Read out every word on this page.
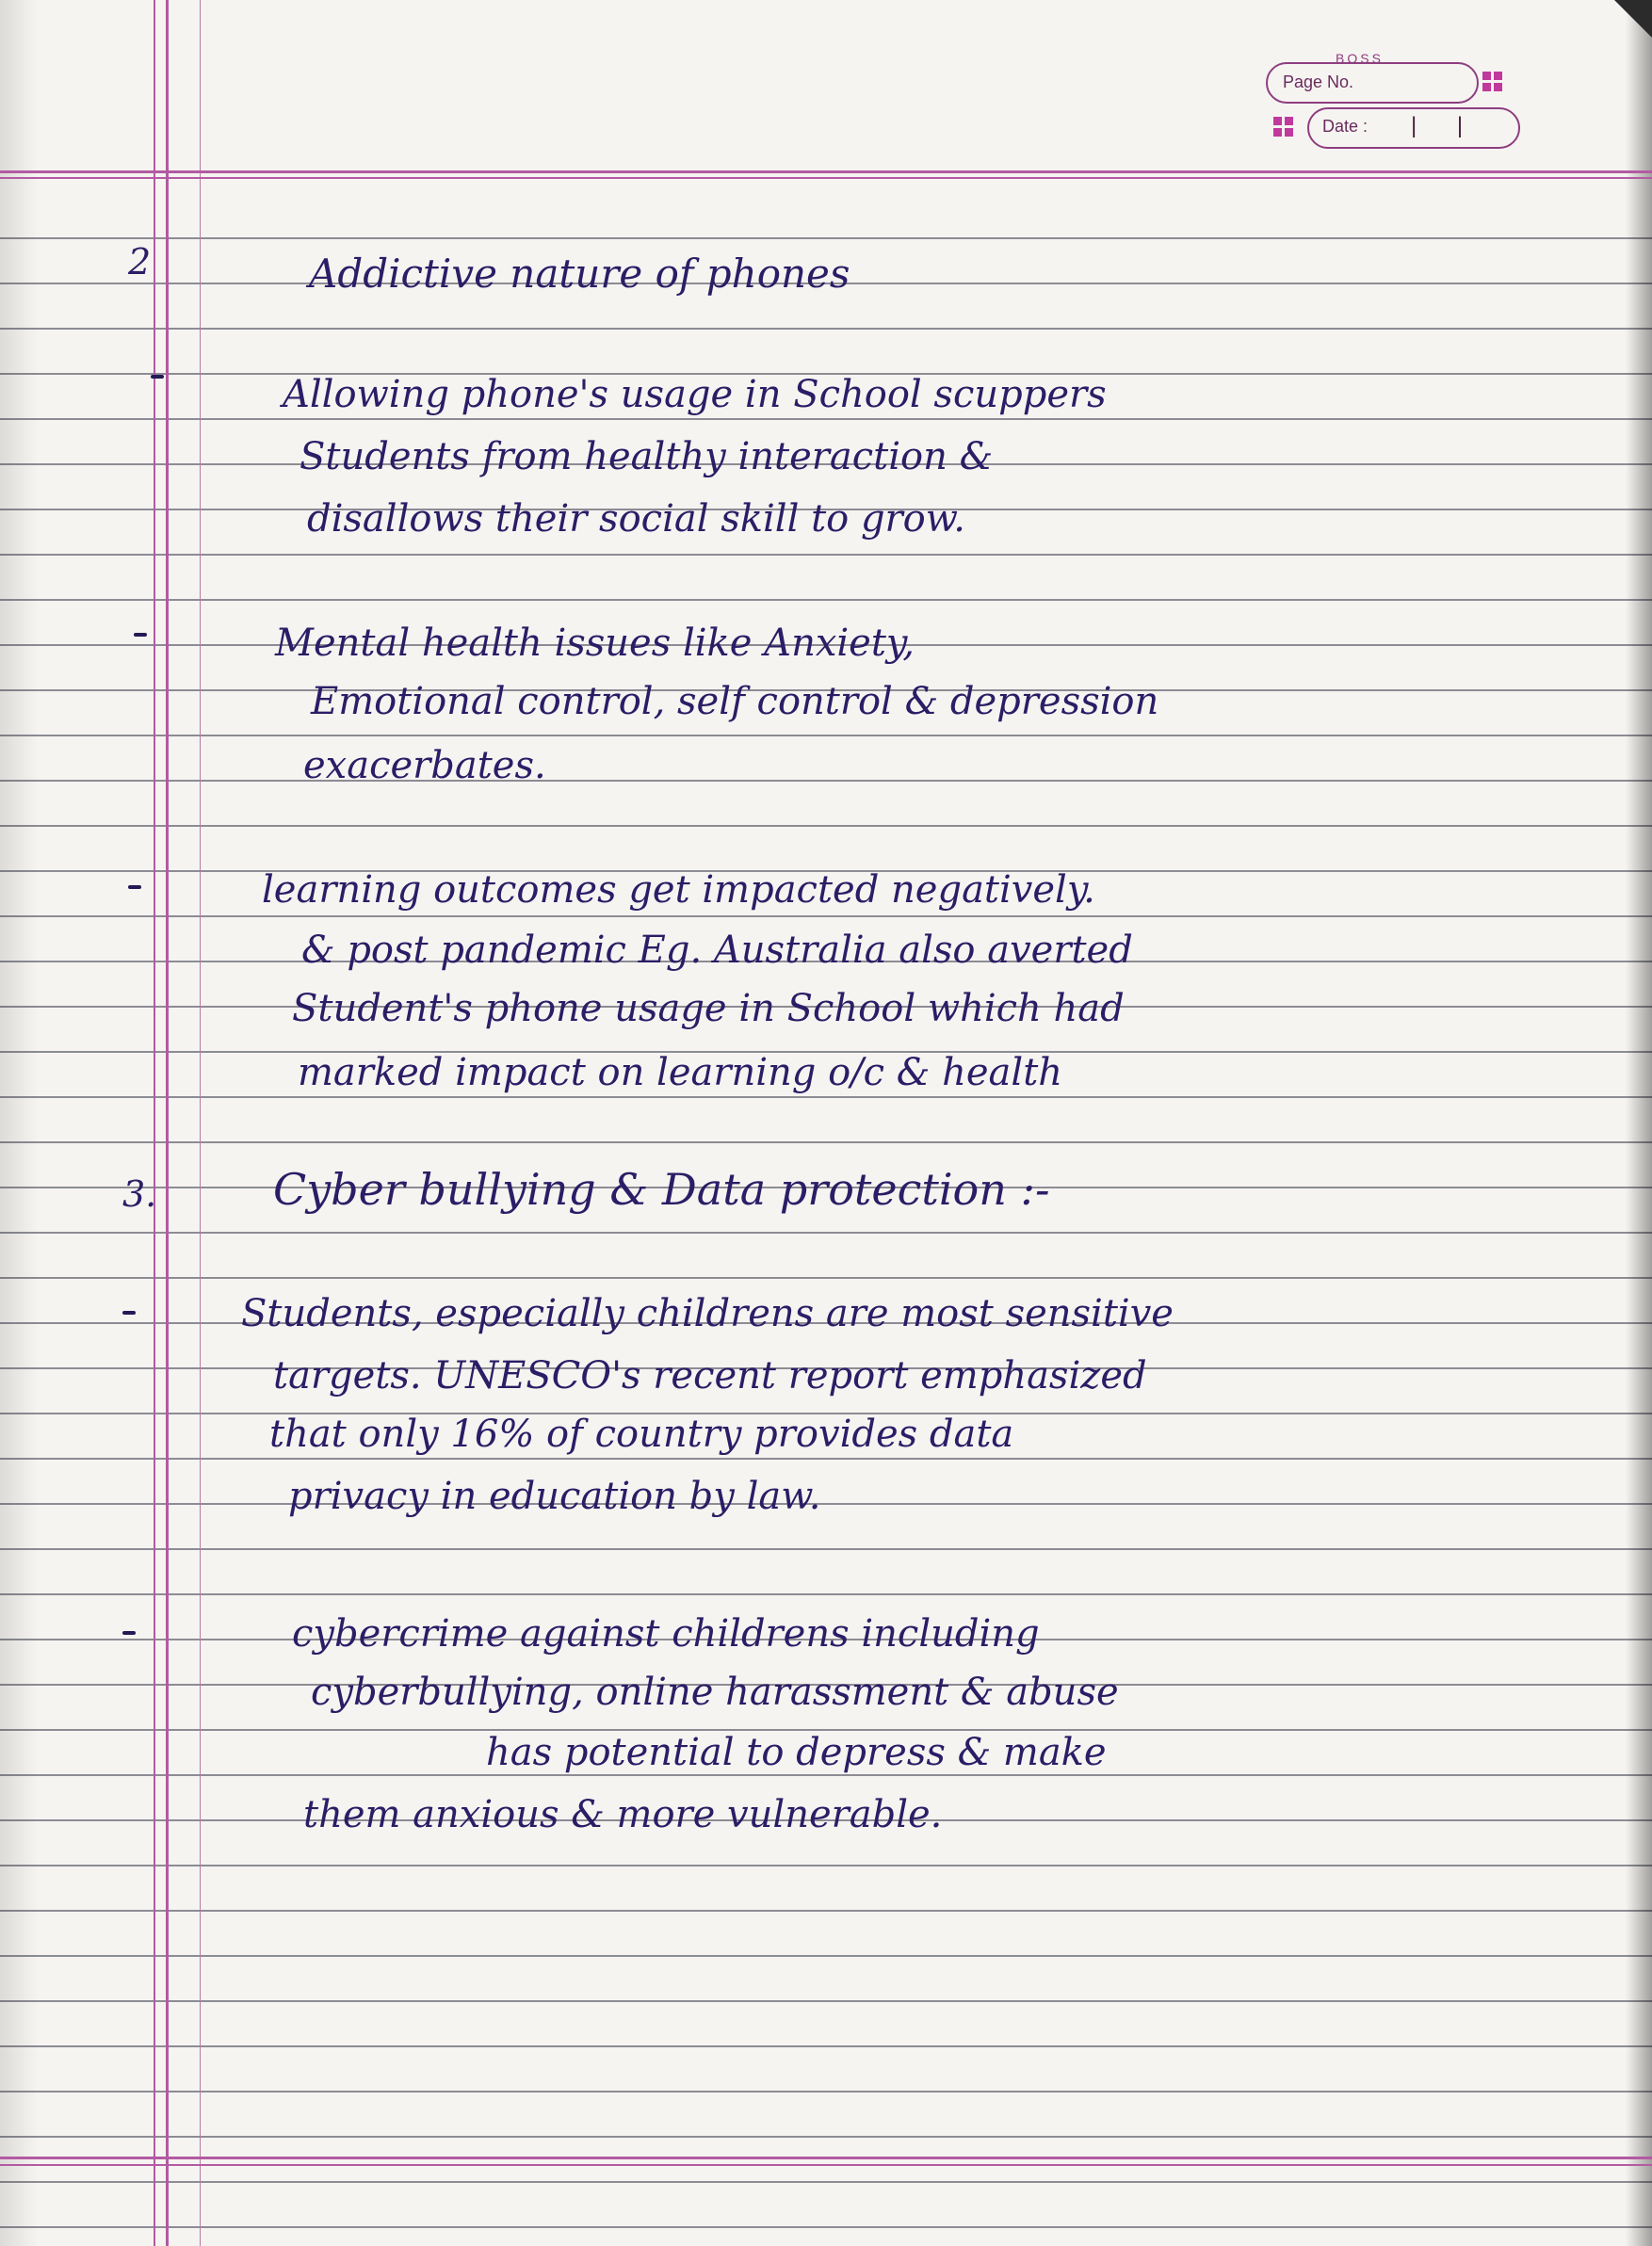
BOSS
Page No.
Date : | |
2	Addictive nature of phones
Allowing phone's usage in School scuppers
Students from healthy interaction &
disallows their social skill to grow.
Mental health issues like Anxiety,
Emotional control, self control & depression
exacerbates.
learning outcomes get impacted negatively.
& post pandemic Eg. Australia also averted
Student's phone usage in School which had
marked impact on learning o/c & health
3.	Cyber bullying & Data protection :-
Students, especially childrens are most sensitive
targets. UNESCO's recent report emphasized
that only 16% of country provides data
privacy in education by law.
cybercrime against childrens including
cyberbullying, online harassment & abuse
has potential to depress & make
them anxious & more vulnerable.
